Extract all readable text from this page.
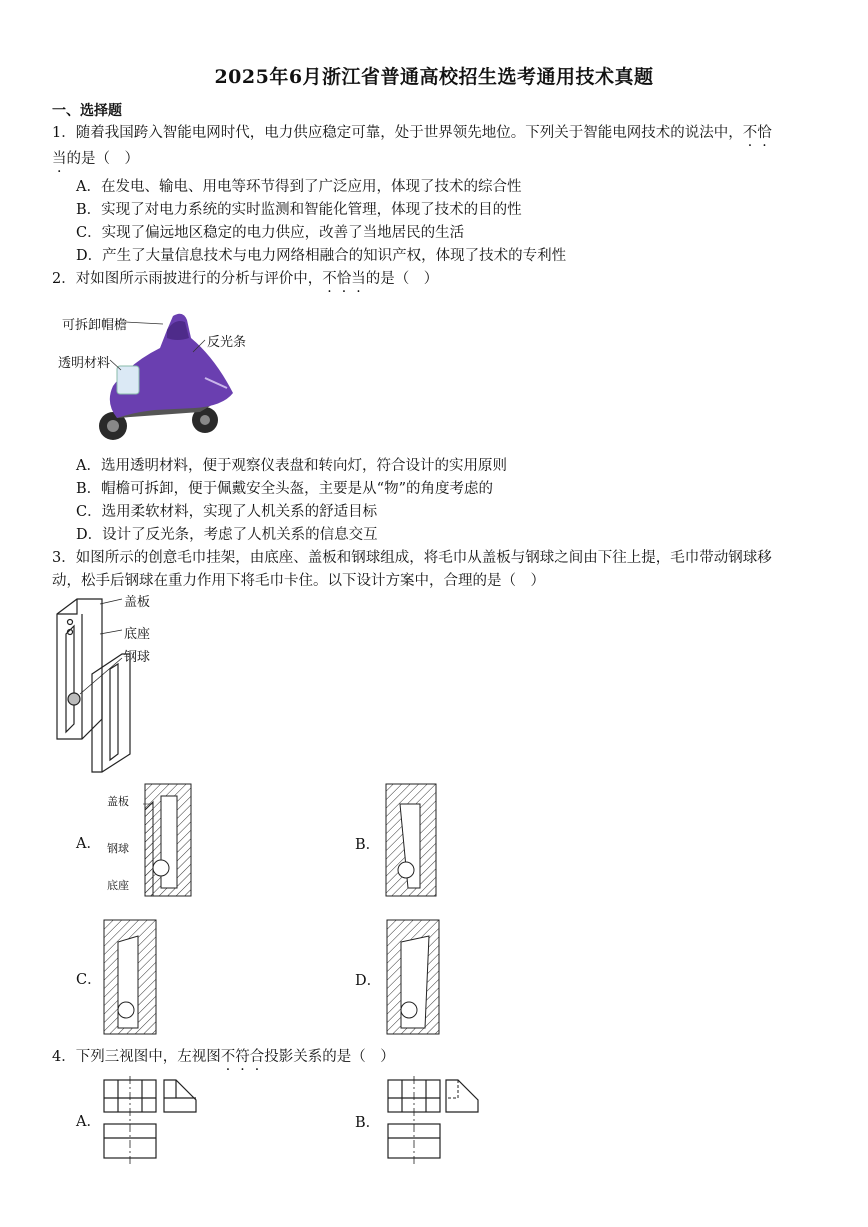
2025年6月浙江省普通高校招生选考通用技术真题
一、选择题
1．随着我国跨入智能电网时代，电力供应稳定可靠，处于世界领先地位。下列关于智能电网技术的说法中，不恰
当的是（　）
A．在发电、输电、用电等环节得到了广泛应用，体现了技术的综合性
B．实现了对电力系统的实时监测和智能化管理，体现了技术的目的性
C．实现了偏远地区稳定的电力供应，改善了当地居民的生活
D．产生了大量信息技术与电力网络相融合的知识产权，体现了技术的专利性
2．对如图所示雨披进行的分析与评价中，不恰当的是（　）
可拆卸帽檐
反光条
透明材料
A．选用透明材料，便于观察仪表盘和转向灯，符合设计的实用原则
B．帽檐可拆卸，便于佩戴安全头盔，主要是从“物”的角度考虑的
C．选用柔软材料，实现了人机关系的舒适目标
D．设计了反光条，考虑了人机关系的信息交互
3．如图所示的创意毛巾挂架，由底座、盖板和钢球组成，将毛巾从盖板与钢球之间由下往上提，毛巾带动钢球移
动，松手后钢球在重力作用下将毛巾卡住。以下设计方案中，合理的是（　）
盖板
底座
钢球
A．
盖板
钢球
底座
B．
C．	D．
4．下列三视图中，左视图不符合投影关系的是（　）
A．	B．
